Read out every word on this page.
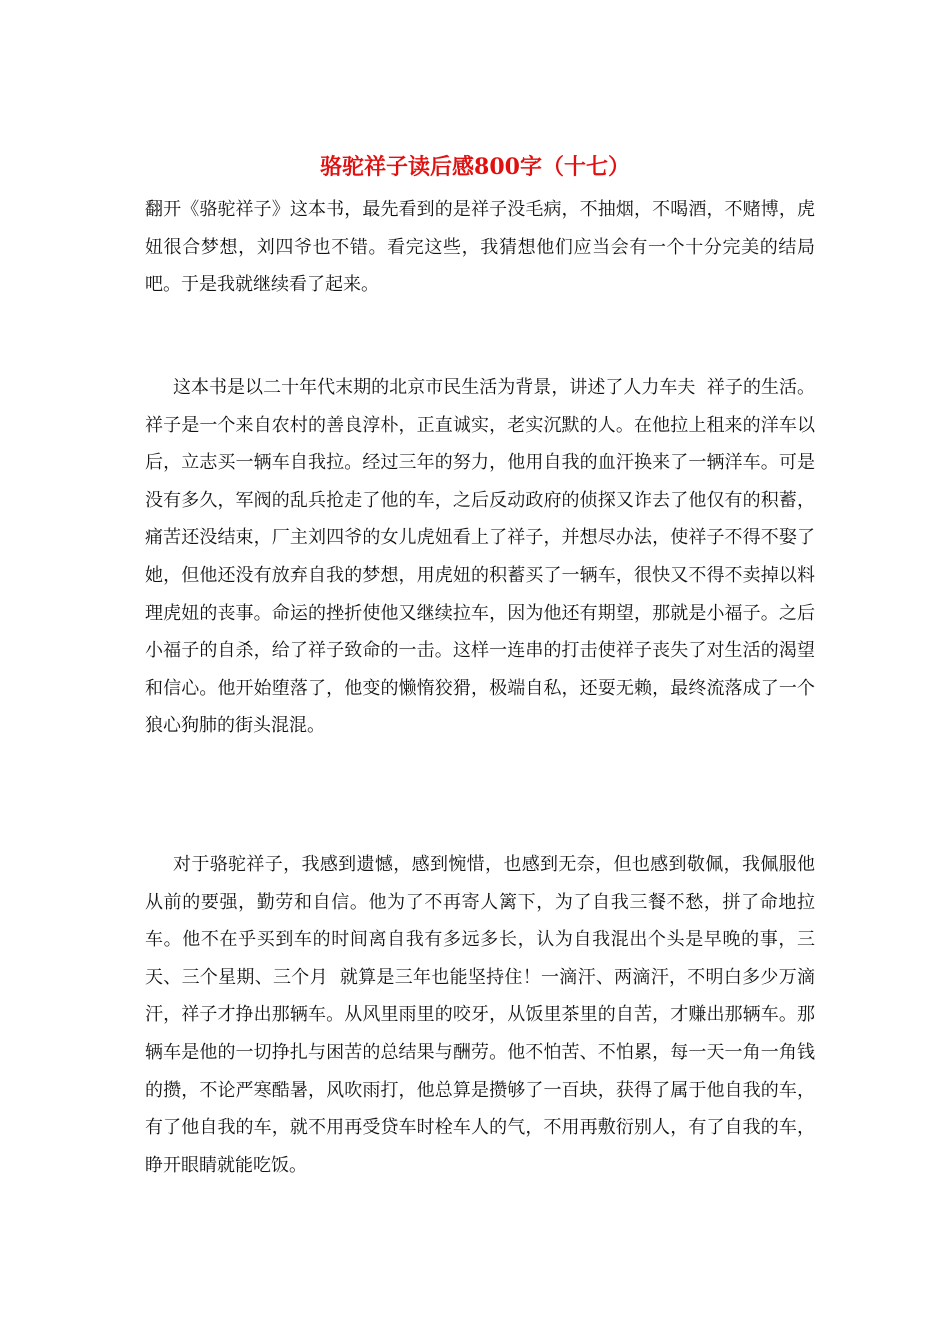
骆驼祥子读后感800字（十七）

翻开《骆驼祥子》这本书，最先看到的是祥子没毛病，不抽烟，不喝酒，不赌博，虎妞很合梦想，刘四爷也不错。看完这些，我猜想他们应当会有一个十分完美的结局吧。于是我就继续看了起来。

这本书是以二十年代末期的北京市民生活为背景，讲述了人力车夫  祥子的生活。祥子是一个来自农村的善良淳朴，正直诚实，老实沉默的人。在他拉上租来的洋车以后，立志买一辆车自我拉。经过三年的努力，他用自我的血汗换来了一辆洋车。可是没有多久，军阀的乱兵抢走了他的车，之后反动政府的侦探又诈去了他仅有的积蓄，痛苦还没结束，厂主刘四爷的女儿虎妞看上了祥子，并想尽办法，使祥子不得不娶了她，但他还没有放弃自我的梦想，用虎妞的积蓄买了一辆车，很快又不得不卖掉以料理虎妞的丧事。命运的挫折使他又继续拉车，因为他还有期望，那就是小福子。之后小福子的自杀，给了祥子致命的一击。这样一连串的打击使祥子丧失了对生活的渴望和信心。他开始堕落了，他变的懒惰狡猾，极端自私，还耍无赖，最终流落成了一个狼心狗肺的街头混混。

对于骆驼祥子，我感到遗憾，感到惋惜，也感到无奈，但也感到敬佩，我佩服他从前的要强，勤劳和自信。他为了不再寄人篱下，为了自我三餐不愁，拼了命地拉车。他不在乎买到车的时间离自我有多远多长，认为自我混出个头是早晚的事，三天、三个星期、三个月  就算是三年也能坚持住！一滴汗、两滴汗，不明白多少万滴汗，祥子才挣出那辆车。从风里雨里的咬牙，从饭里茶里的自苦，才赚出那辆车。那辆车是他的一切挣扎与困苦的总结果与酬劳。他不怕苦、不怕累，每一天一角一角钱的攒，不论严寒酷暑，风吹雨打，他总算是攒够了一百块，获得了属于他自我的车，有了他自我的车，就不用再受贷车时栓车人的气，不用再敷衍别人，有了自我的车，睁开眼睛就能吃饭。
